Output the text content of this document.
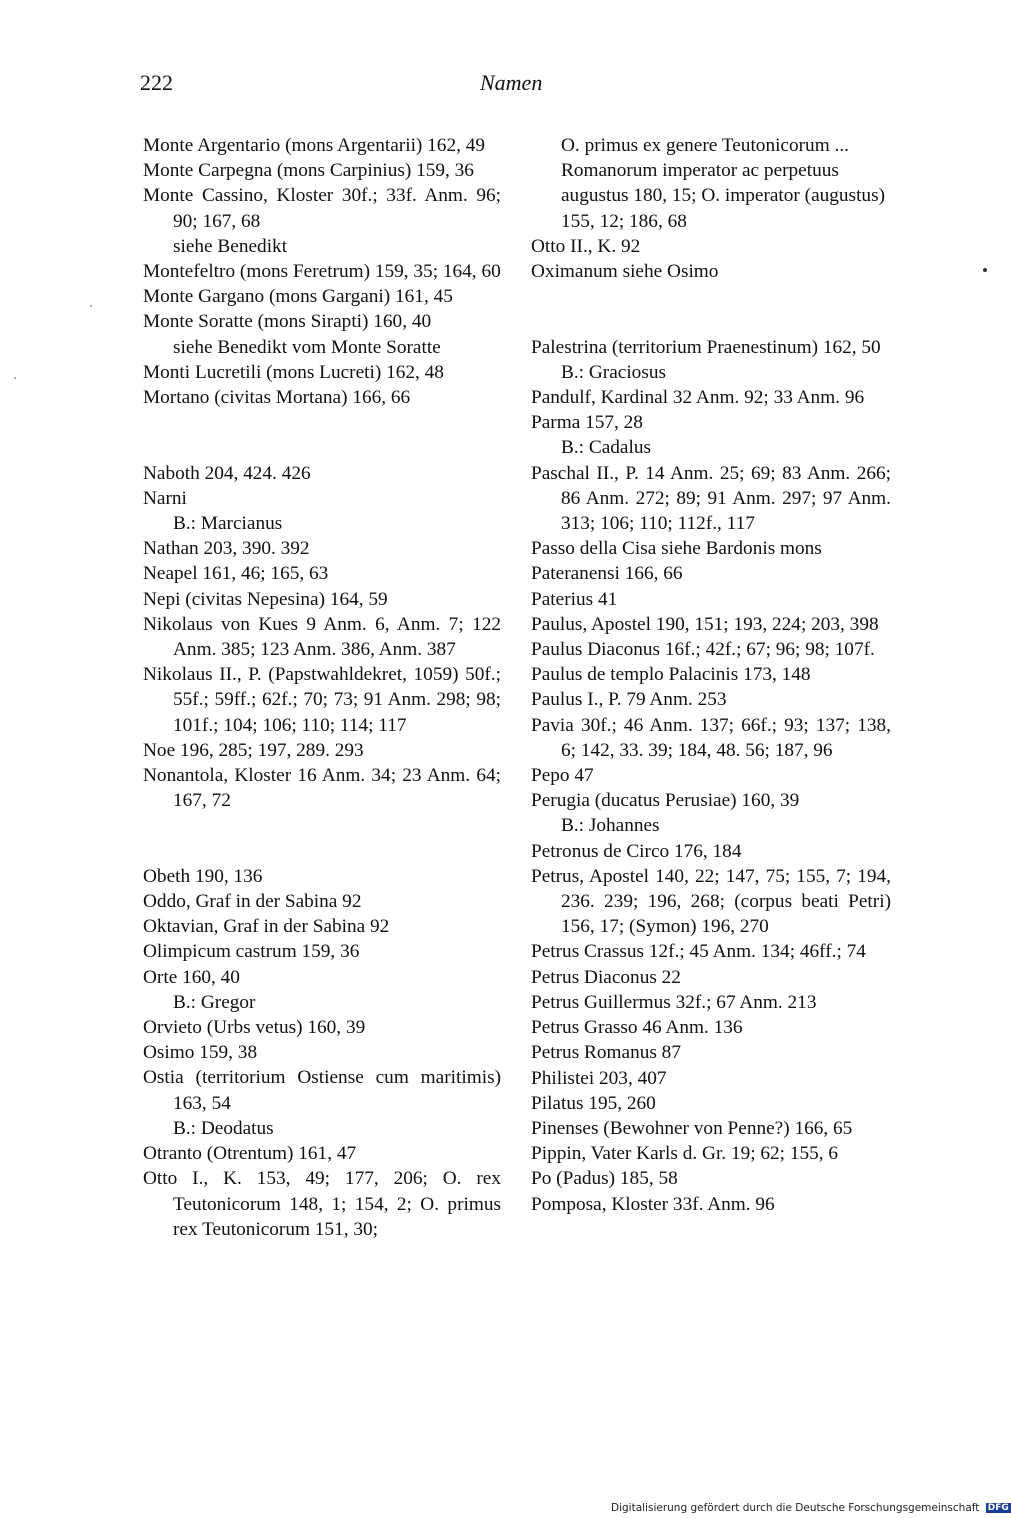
222	Namen
Monte Argentario (mons Argentarii) 162, 49
Monte Carpegna (mons Carpinius) 159, 36
Monte Cassino, Kloster 30f.; 33f. Anm. 96; 90; 167, 68
siehe Benedikt
Montefeltro (mons Feretrum) 159, 35; 164, 60
Monte Gargano (mons Gargani) 161, 45
Monte Soratte (mons Sirapti) 160, 40
siehe Benedikt vom Monte Soratte
Monti Lucretili (mons Lucreti) 162, 48
Mortano (civitas Mortana) 166, 66
Naboth 204, 424. 426
Narni
B.: Marcianus
Nathan 203, 390. 392
Neapel 161, 46; 165, 63
Nepi (civitas Nepesina) 164, 59
Nikolaus von Kues 9 Anm. 6, Anm. 7; 122 Anm. 385; 123 Anm. 386, Anm. 387
Nikolaus II., P. (Papstwahldekret, 1059) 50f.; 55f.; 59ff.; 62f.; 70; 73; 91 Anm. 298; 98; 101f.; 104; 106; 110; 114; 117
Noe 196, 285; 197, 289. 293
Nonantola, Kloster 16 Anm. 34; 23 Anm. 64; 167, 72
Obeth 190, 136
Oddo, Graf in der Sabina 92
Oktavian, Graf in der Sabina 92
Olimpicum castrum 159, 36
Orte 160, 40
B.: Gregor
Orvieto (Urbs vetus) 160, 39
Osimo 159, 38
Ostia (territorium Ostiense cum maritimis) 163, 54
B.: Deodatus
Otranto (Otrentum) 161, 47
Otto I., K. 153, 49; 177, 206; O. rex Teutonicorum 148, 1; 154, 2; O. primus rex Teutonicorum 151, 30;
O. primus ex genere Teutonicorum ... Romanorum imperator ac perpetuus augustus 180, 15; O. imperator (augustus) 155, 12; 186, 68
Otto II., K. 92
Oximanum siehe Osimo
Palestrina (territorium Praenestinum) 162, 50
B.: Graciosus
Pandulf, Kardinal 32 Anm. 92; 33 Anm. 96
Parma 157, 28
B.: Cadalus
Paschal II., P. 14 Anm. 25; 69; 83 Anm. 266; 86 Anm. 272; 89; 91 Anm. 297; 97 Anm. 313; 106; 110; 112f., 117
Passo della Cisa siehe Bardonis mons
Pateranensi 166, 66
Paterius 41
Paulus, Apostel 190, 151; 193, 224; 203, 398
Paulus Diaconus 16f.; 42f.; 67; 96; 98; 107f.
Paulus de templo Palacinis 173, 148
Paulus I., P. 79 Anm. 253
Pavia 30f.; 46 Anm. 137; 66f.; 93; 137; 138, 6; 142, 33. 39; 184, 48. 56; 187, 96
Pepo 47
Perugia (ducatus Perusiae) 160, 39
B.: Johannes
Petronus de Circo 176, 184
Petrus, Apostel 140, 22; 147, 75; 155, 7; 194, 236. 239; 196, 268; (corpus beati Petri) 156, 17; (Symon) 196, 270
Petrus Crassus 12f.; 45 Anm. 134; 46ff.; 74
Petrus Diaconus 22
Petrus Guillermus 32f.; 67 Anm. 213
Petrus Grasso 46 Anm. 136
Petrus Romanus 87
Philistei 203, 407
Pilatus 195, 260
Pinenses (Bewohner von Penne?) 166, 65
Pippin, Vater Karls d. Gr. 19; 62; 155, 6
Po (Padus) 185, 58
Pomposa, Kloster 33f. Anm. 96
Digitalisierung gefördert durch die Deutsche Forschungsgemeinschaft DFG
